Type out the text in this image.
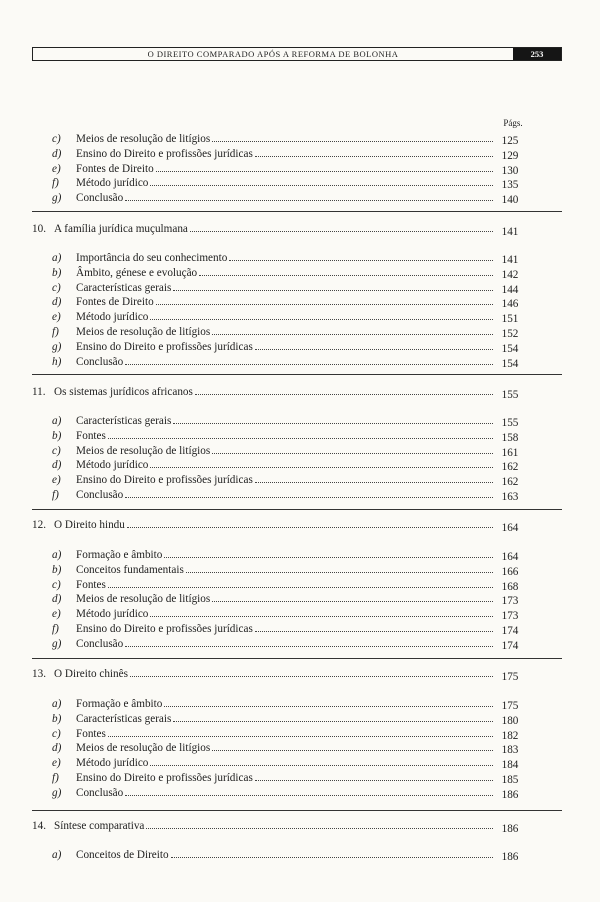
O DIREITO COMPARADO APÓS A REFORMA DE BOLONHA	253
Págs.
c)	Meios de resolução de litígios	125
d)	Ensino do Direito e profissões jurídicas	129
e)	Fontes de Direito	130
f)	Método jurídico	135
g)	Conclusão	140
10. A família jurídica muçulmana	141
a)	Importância do seu conhecimento	141
b)	Âmbito, génese e evolução	142
c)	Características gerais	144
d)	Fontes de Direito	146
e)	Método jurídico	151
f)	Meios de resolução de litígios	152
g)	Ensino do Direito e profissões jurídicas	154
h)	Conclusão	154
11. Os sistemas jurídicos africanos	155
a)	Características gerais	155
b)	Fontes	158
c)	Meios de resolução de litígios	161
d)	Método jurídico	162
e)	Ensino do Direito e profissões jurídicas	162
f)	Conclusão	163
12. O Direito hindu	164
a)	Formação e âmbito	164
b)	Conceitos fundamentais	166
c)	Fontes	168
d)	Meios de resolução de litígios	173
e)	Método jurídico	173
f)	Ensino do Direito e profissões jurídicas	174
g)	Conclusão	174
13. O Direito chinês	175
a)	Formação e âmbito	175
b)	Características gerais	180
c)	Fontes	182
d)	Meios de resolução de litígios	183
e)	Método jurídico	184
f)	Ensino do Direito e profissões jurídicas	185
g)	Conclusão	186
14. Síntese comparativa	186
a)	Conceitos de Direito	186
